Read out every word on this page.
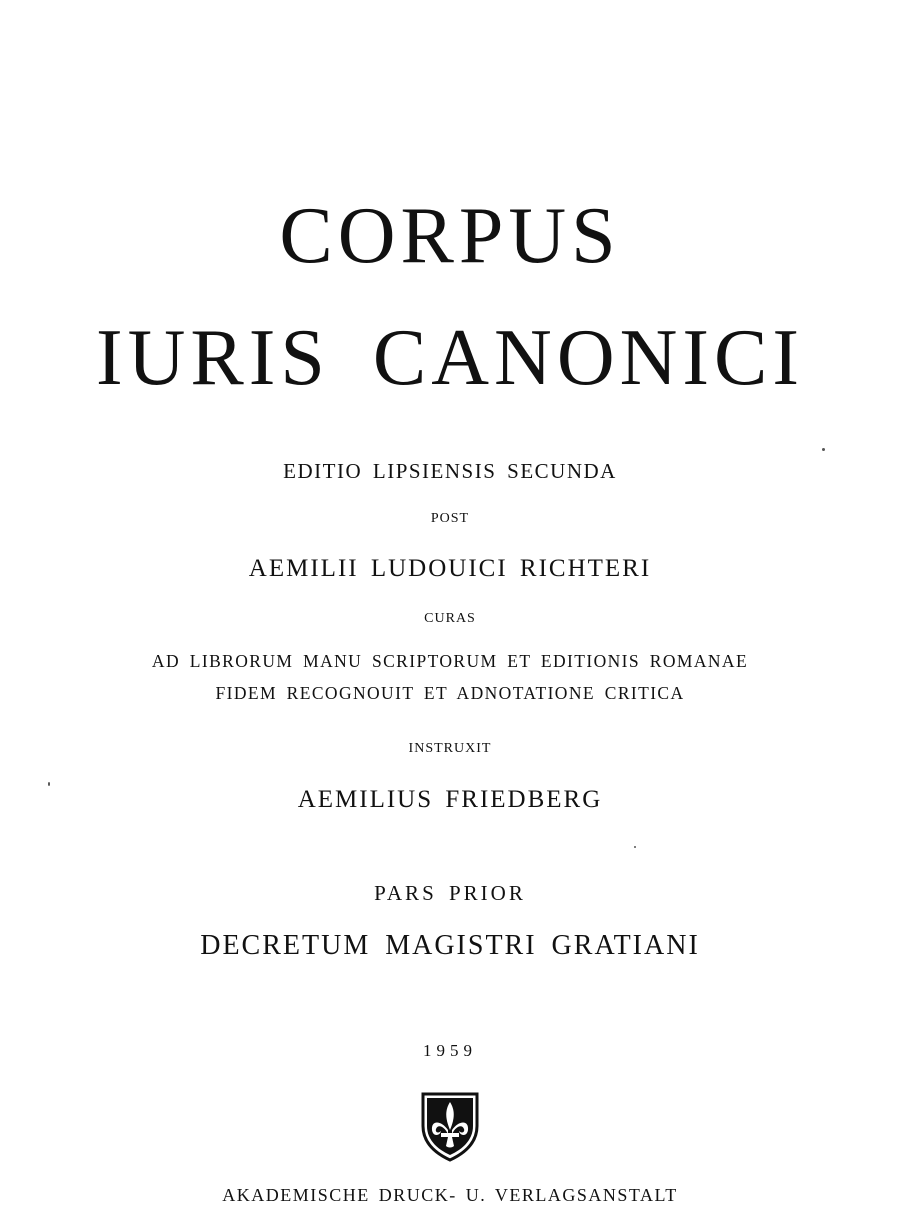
CORPUS
IURIS CANONICI
EDITIO LIPSIENSIS SECUNDA
POST
AEMILII LUDOUICI RICHTERI
CURAS
AD LIBRORUM MANU SCRIPTORUM ET EDITIONIS ROMANAE
FIDEM RECOGNOUIT ET ADNOTATIONE CRITICA
INSTRUXIT
AEMILIUS FRIEDBERG
PARS PRIOR
DECRETUM MAGISTRI GRATIANI
1959
AKADEMISCHE DRUCK- U. VERLAGSANSTALT
